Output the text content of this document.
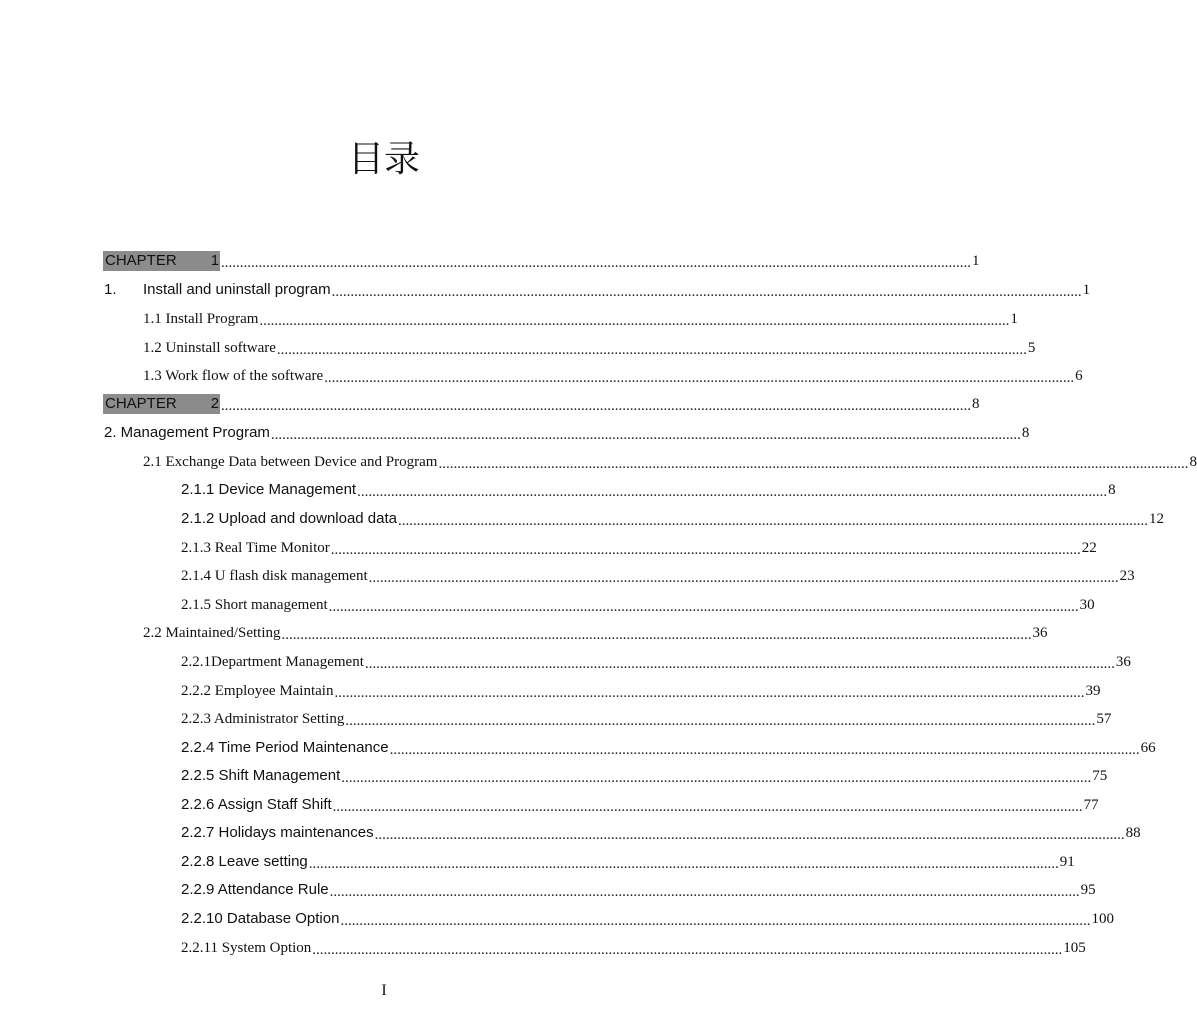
目录
CHAPTER 1 ........................................................................................................................................................................................................ 1
1. Install and uninstall program ........................................................................................................................................................................................................ 1
1.1 Install Program ........................................................................................................................................................................................................ 1
1.2 Uninstall software ........................................................................................................................................................................................................ 5
1.3 Work flow of the software ........................................................................................................................................................................................................ 6
CHAPTER 2 ........................................................................................................................................................................................................ 8
2. Management Program ........................................................................................................................................................................................................ 8
2.1 Exchange Data between Device and Program ........................................................................................................................................................................................................ 8
2.1.1 Device Management ........................................................................................................................................................................................................ 8
2.1.2 Upload and download data ........................................................................................................................................................................................................ 12
2.1.3 Real Time Monitor ........................................................................................................................................................................................................ 22
2.1.4 U flash disk management ........................................................................................................................................................................................................ 23
2.1.5 Short management ........................................................................................................................................................................................................ 30
2.2 Maintained/Setting ........................................................................................................................................................................................................ 36
2.2.1Department Management ........................................................................................................................................................................................................ 36
2.2.2 Employee Maintain ........................................................................................................................................................................................................ 39
2.2.3 Administrator Setting ........................................................................................................................................................................................................ 57
2.2.4 Time Period Maintenance ........................................................................................................................................................................................................ 66
2.2.5 Shift Management ........................................................................................................................................................................................................ 75
2.2.6 Assign Staff Shift ........................................................................................................................................................................................................ 77
2.2.7 Holidays maintenances ........................................................................................................................................................................................................ 88
2.2.8 Leave setting ........................................................................................................................................................................................................ 91
2.2.9 Attendance Rule ........................................................................................................................................................................................................ 95
2.2.10 Database Option ........................................................................................................................................................................................................ 100
2.2.11 System Option ........................................................................................................................................................................................................ 105
I
